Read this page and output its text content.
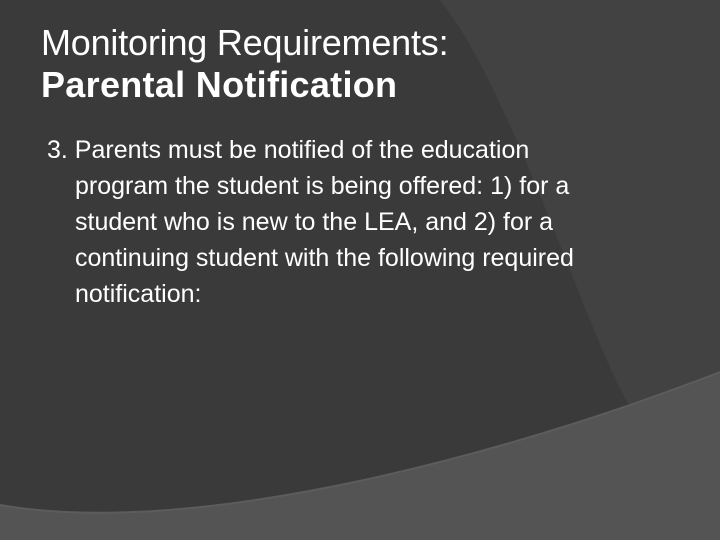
Monitoring Requirements:
Parental Notification

3. Parents must be notified of the education program the student is being offered: 1) for a student who is new to the LEA, and 2) for a continuing student with the following required notification:
